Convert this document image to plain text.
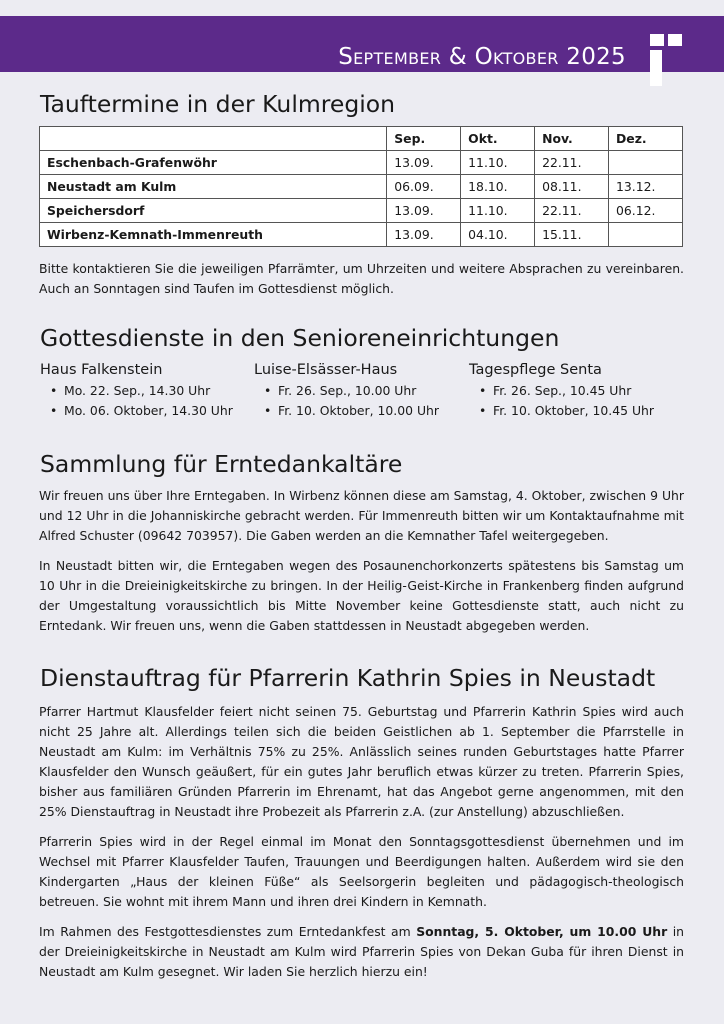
September & Oktober 2025
Tauftermine in der Kulmregion
	Sep.	Okt.	Nov.	Dez.
Eschenbach-Grafenwöhr	13.09.	11.10.	22.11.	
Neustadt am Kulm	06.09.	18.10.	08.11.	13.12.
Speichersdorf	13.09.	11.10.	22.11.	06.12.
Wirbenz-Kemnath-Immenreuth	13.09.	04.10.	15.11.	

Bitte kontaktieren Sie die jeweiligen Pfarrämter, um Uhrzeiten und weitere Absprachen zu vereinbaren. Auch an Sonntagen sind Taufen im Gottesdienst möglich.

Gottesdienste in den Senioreneinrichtungen
Haus Falkenstein
• Mo. 22. Sep., 14.30 Uhr
• Mo. 06. Oktober, 14.30 Uhr
Luise-Elsässer-Haus
• Fr. 26. Sep., 10.00 Uhr
• Fr. 10. Oktober, 10.00 Uhr
Tagespflege Senta
• Fr. 26. Sep., 10.45 Uhr
• Fr. 10. Oktober, 10.45 Uhr
Sammlung für Erntedankaltäre

Wir freuen uns über Ihre Erntegaben. In Wirbenz können diese am Samstag, 4. Oktober, zwischen 9 Uhr und 12 Uhr in die Johanniskirche gebracht werden. Für Immenreuth bitten wir um Kontaktaufnahme mit Alfred Schuster (09642 703957). Die Gaben werden an die Kemnather Tafel weitergegeben.

In Neustadt bitten wir, die Erntegaben wegen des Posaunenchorkonzerts spätestens bis Samstag um 10 Uhr in die Dreieinigkeitskirche zu bringen. In der Heilig-Geist-Kirche in Frankenberg finden aufgrund der Umgestaltung voraussichtlich bis Mitte November keine Gottesdienste statt, auch nicht zu Erntedank. Wir freuen uns, wenn die Gaben stattdessen in Neustadt abgegeben werden.

Dienstauftrag für Pfarrerin Kathrin Spies in Neustadt

Pfarrer Hartmut Klausfelder feiert nicht seinen 75. Geburtstag und Pfarrerin Kathrin Spies wird auch nicht 25 Jahre alt. Allerdings teilen sich die beiden Geistlichen ab 1. September die Pfarrstelle in Neustadt am Kulm: im Verhältnis 75% zu 25%. Anlässlich seines runden Geburtstages hatte Pfarrer Klausfelder den Wunsch geäußert, für ein gutes Jahr beruflich etwas kürzer zu treten. Pfarrerin Spies, bisher aus familiären Gründen Pfarrerin im Ehrenamt, hat das Angebot gerne angenommen, mit den 25% Dienstauftrag in Neustadt ihre Probezeit als Pfarrerin z.A. (zur Anstellung) abzuschließen.

Pfarrerin Spies wird in der Regel einmal im Monat den Sonntagsgottesdienst übernehmen und im Wechsel mit Pfarrer Klausfelder Taufen, Trauungen und Beerdigungen halten. Außerdem wird sie den Kindergarten „Haus der kleinen Füße“ als Seelsorgerin begleiten und pädagogisch-theologisch betreuen. Sie wohnt mit ihrem Mann und ihren drei Kindern in Kemnath.

Im Rahmen des Festgottesdienstes zum Erntedankfest am Sonntag, 5. Oktober, um 10.00 Uhr in der Dreieinigkeitskirche in Neustadt am Kulm wird Pfarrerin Spies von Dekan Guba für ihren Dienst in Neustadt am Kulm gesegnet. Wir laden Sie herzlich hierzu ein!
